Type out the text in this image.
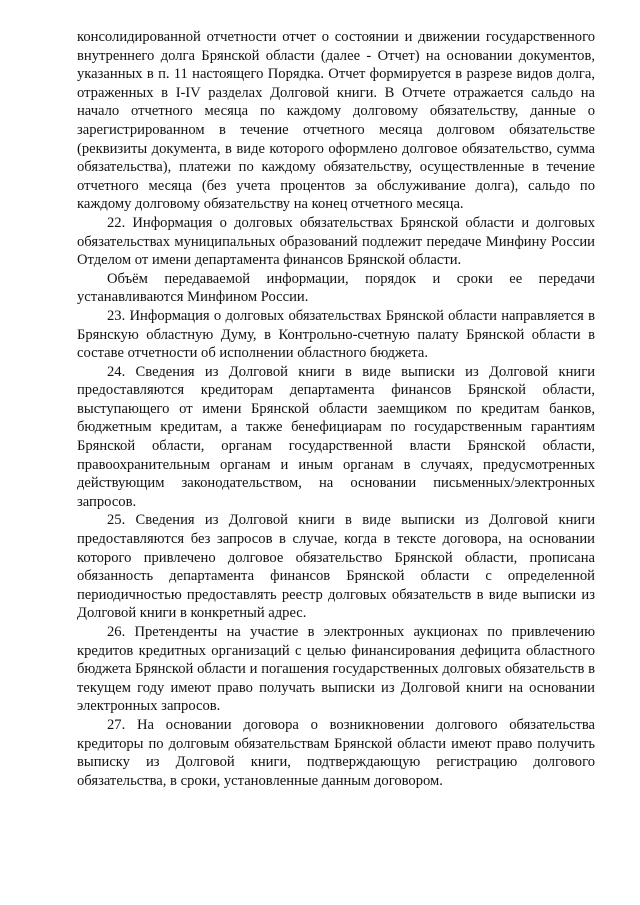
консолидированной отчетности отчет о состоянии и движении государственного внутреннего долга Брянской области (далее - Отчет) на основании документов, указанных в п. 11 настоящего Порядка. Отчет формируется в разрезе видов долга, отраженных в I-IV разделах Долговой книги. В Отчете отражается сальдо на начало отчетного месяца по каждому долговому обязательству, данные о зарегистрированном в течение отчетного месяца долговом обязательстве (реквизиты документа, в виде которого оформлено долговое обязательство, сумма обязательства), платежи по каждому обязательству, осуществленные в течение отчетного месяца (без учета процентов за обслуживание долга), сальдо по каждому долговому обязательству на конец отчетного месяца.

22. Информация о долговых обязательствах Брянской области и долговых обязательствах муниципальных образований подлежит передаче Минфину России Отделом от имени департамента финансов Брянской области.

Объём передаваемой информации, порядок и сроки ее передачи устанавливаются Минфином России.

23. Информация о долговых обязательствах Брянской области направляется в Брянскую областную Думу, в Контрольно-счетную палату Брянской области в составе отчетности об исполнении областного бюджета.

24. Сведения из Долговой книги в виде выписки из Долговой книги предоставляются кредиторам департамента финансов Брянской области, выступающего от имени Брянской области заемщиком по кредитам банков, бюджетным кредитам, а также бенефициарам по государственным гарантиям Брянской области, органам государственной власти Брянской области, правоохранительным органам и иным органам в случаях, предусмотренных действующим законодательством, на основании письменных/электронных запросов.

25. Сведения из Долговой книги в виде выписки из Долговой книги предоставляются без запросов в случае, когда в тексте договора, на основании которого привлечено долговое обязательство Брянской области, прописана обязанность департамента финансов Брянской области с определенной периодичностью предоставлять реестр долговых обязательств в виде выписки из Долговой книги в конкретный адрес.

26. Претенденты на участие в электронных аукционах по привлечению кредитов кредитных организаций с целью финансирования дефицита областного бюджета Брянской области и погашения государственных долговых обязательств в текущем году имеют право получать выписки из Долговой книги на основании электронных запросов.

27. На основании договора о возникновении долгового обязательства кредиторы по долговым обязательствам Брянской области имеют право получить выписку из Долговой книги, подтверждающую регистрацию долгового обязательства, в сроки, установленные данным договором.
